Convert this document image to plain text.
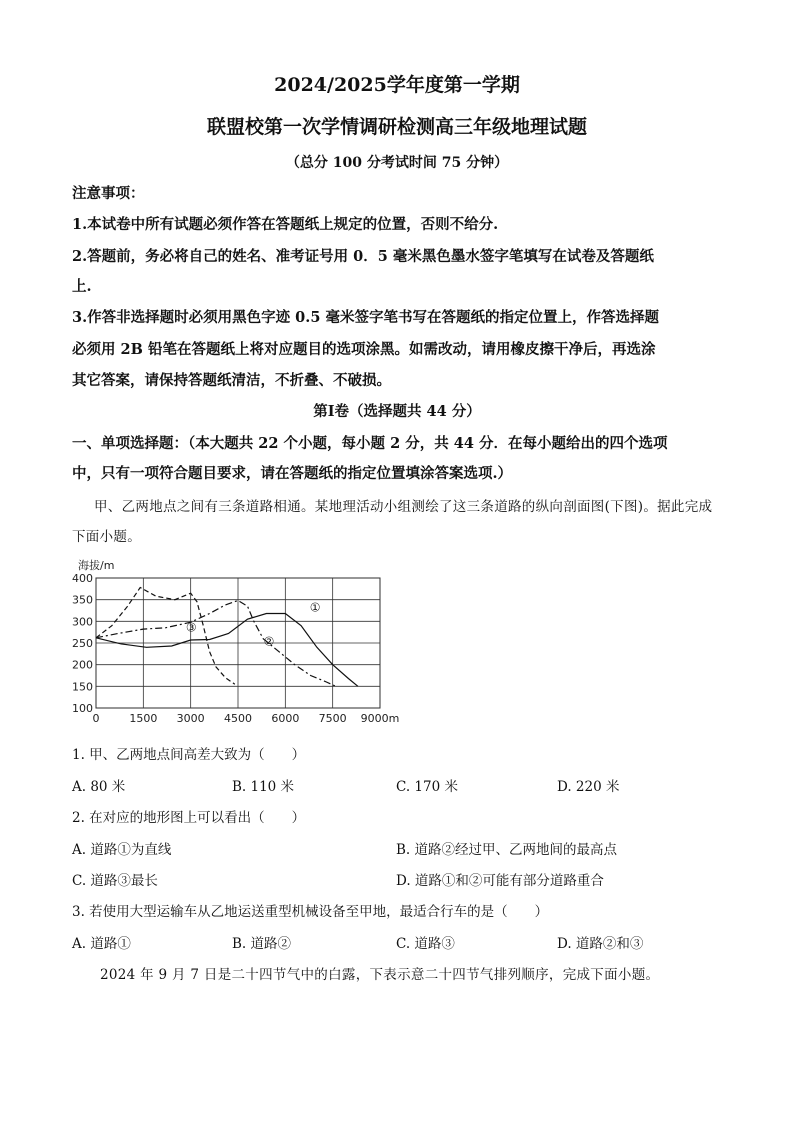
2024/2025学年度第一学期
联盟校第一次学情调研检测高三年级地理试题
（总分 100 分考试时间 75 分钟）
注意事项：
1.本试卷中所有试题必须作答在答题纸上规定的位置，否则不给分.
2.答题前，务必将自己的姓名、准考证号用 0．5 毫米黑色墨水签字笔填写在试卷及答题纸
上.
3.作答非选择题时必须用黑色字迹 0.5 毫米签字笔书写在答题纸的指定位置上，作答选择题
必须用 2B 铅笔在答题纸上将对应题目的选项涂黑。如需改动，请用橡皮擦干净后，再选涂
其它答案，请保持答题纸清洁，不折叠、不破损。
第Ⅰ卷（选择题共 44 分）
一、单项选择题：（本大题共 22 个小题，每小题 2 分，共 44 分．在每小题给出的四个选项
中，只有一项符合题目要求，请在答题纸的指定位置填涂答案选项.）
甲、乙两地点之间有三条道路相通。某地理活动小组测绘了这三条道路的纵向剖面图(下图)。据此完成
下面小题。
400
350
300
250
200
150
100
0	1500 3000 4500 6000 7500 9000m
①
②
③
海拔/m
1. 甲、乙两地点间高差大致为（　　）
A. 80 米	B. 110 米	C. 170 米	D. 220 米
2. 在对应的地形图上可以看出（　　）
A. 道路①为直线	B. 道路②经过甲、乙两地间的最高点
C. 道路③最长	D. 道路①和②可能有部分道路重合
3. 若使用大型运输车从乙地运送重型机械设备至甲地，最适合行车的是（　　）
A. 道路①	B. 道路②	C. 道路③	D. 道路②和③
2024 年 9 月 7 日是二十四节气中的白露，下表示意二十四节气排列顺序，完成下面小题。
